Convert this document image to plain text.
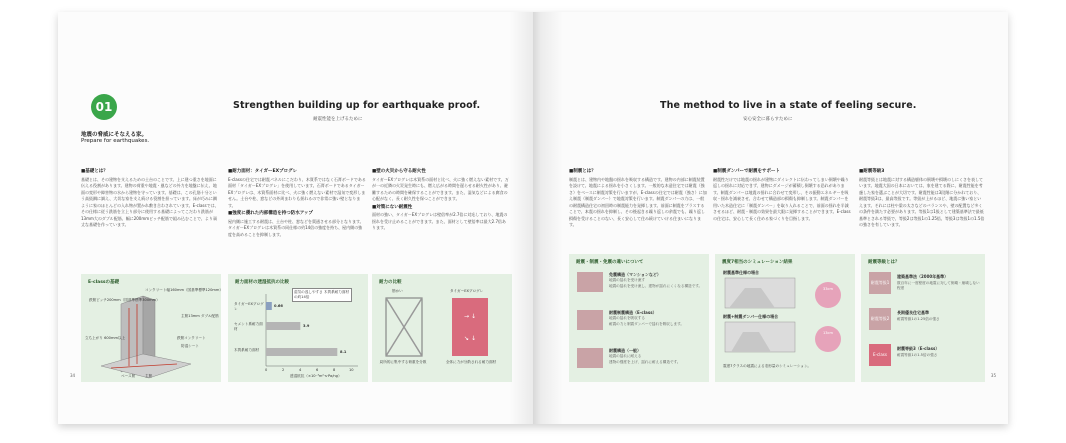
01
地震の脅威にそなえる家。
Prepare for earthquakes.
Strengthen building up for earthquake proof.
耐震性能を上げるために
■基礎とは？

基礎とは、その建物を支えるための土台のことです。上に建つ重さを地面に伝える役割があります。建物の荷重や地震・風などの外力を地盤に伝え、地面の変形や障害物の水から建物を守っています。基礎は、この孔筋十分という高級鋼に調え、大切な家を支え続ける役割を担っています。床が巧みに鋼ように家のほとんどの入れ物が置かれ敷き合わされています。E-classでは、その仕様に従う鉄筋を立上り部分に使用する基礎によってこだわり鉄筋が13mm大のダブル配筋、幅に200mmピッチ配筋で組み込むことで、より頑丈な基礎を作っています。

■耐力面材：タイガーEXプログレ

E-classの住宅では耐震パネルにこだわり、木質系ではなく石膏ボードである面材「タイガーEXプログレ」を使用しています。石膏ボードであるタイガーEXプログレは、木質系面材に比べ、火に強く燃えない素材で湿気で変形しません。土台や柱、窓などの外周まわりも揺れるので非常に強い壁となります。

■強度に優れた内部構造を持つ防水アップ

屋内側に施工する耐震は、土台や柱、窓などを貫通させる部分となります。タイガーEXプログレは木質系の同仕様の約14倍の強度を持ち、屋内側の強度を高めることを抑制します。

■壁の火災から守る耐火性

タイガーEXプログレは木質系の面材と比べ、火に強く燃えない素材です。万が一の近隣の火災発生時にも、燃え広がる時間を遅らせる耐火性があり、避難するための時間を確保することができます。また、湿気などによる腐食の心配がなく、長く耐久性を保つことができます。

■対策にない耐震性

面材の強い、タイガーEXプログレは壁倍率が2.7倍に対応しており、地震の揺れを受け止めることができます。また、面材として壁倍率は最大2.7倍あります。

E-classの基礎
コンクリート幅160mm（国基準標準120mm）
鉄筋ピッチ200mm（国基準標準300mm）
主筋13mm ダブル配筋
鉄筋コンクリート
防湿シート
立ち上がり 600mm以上
ベース筋	主筋
耐力面材の透湿抵抗の比較
湿気の逃しやすさ 木質系耐力面材の約14倍
タイガーEXプログレ
セメント系耐力面材
木質系耐力面材
0.66
3.9
8.1
0	2	4	6	8	10
透湿抵抗（×10⁻³m²·s·Pa/ng）
耐力の比較
筋かい	タイガーEXプログレ
→ ↓
↘ ↓
局所的に集中する荷重を分散	全体に力が分散される耐力面材
34
The method to live in a state of feeling secure.
安心安全に暮らすために
■制震とは？

制震とは、建物内や地盤の揺れを吸収する構造です。建物の内部に制震装置を設けて、地震による揺れを小さくします。一般的な木造住宅では耐震（強さ）をベースに制震対策を行いますが、E-classの住宅では耐震（強さ）に加え制震（制震ダンパー）で地震対策を行います。制震ダンパーの力は、一般の耐震構造住宅の初回時の制震能力を発揮します。前面に制震をプラスすることで、本震の揺れを抑制し、その後起きる繰り返しの余震でも、繰り返し損傷を受けることのない、長く安心して住み続けていける住まいになります。

■制震ダンパーで耐震をサポート

耐震性だけでは地震の揺れが建物にダイレクトに伝わってしまい倒壊や繰り返しの揺れに対応できず、建物にダメージが蓄積し倒壊する恐れがあります。制震ダンパーは地震の揺れに合わせて変形し、その振動エネルギーを吸収・揺れを減衰させ、合わせて構造部の損傷も抑制します。制震ダンパーを用いた木造住宅に「制震ダンパー」を取り入れることで、前面の揺れを半減させるほど、耐震・制震の効果を最大限に発揮することができます。E-classの住宅は、安心して長く住める家づくりを目指します。

■耐震等級3

耐震等級とは地震に対する構造躯体の倒壊や損壊のしにくさを表しています。地震大国の日本においては、家を建てる際に、耐震性能を考慮した家を選ぶことが大切です。耐震性能は3段階に分かれており、耐震等級3は、最高等級です。等級が上がるほど、地震に強い家といえます。それには柱や梁の太さなどのバランスや、壁の配置など多くの条件を満たす必要があります。等級1は1級として建築基準法で最低基準とされる等級で、等級2は等級1の1.25倍、等級3は等級1の1.5倍の強さを有しています。

耐震・制震・免震の違いについて
免震構造（マンションなど）
地震の揺れを受け流す
地震の揺れを受け流し、建物が揺れにくくなる構造です。
耐震制震構造（E-class）
地震の揺れを吸収する
耐震の力と制震ダンパーで揺れを吸収します。
耐震構造（一般）
地震の揺れに耐える
建物の強度を上げ、揺れに耐える構造です。
震度7相当のシミュレーション結果
耐震基準仕様の場合
33cm
耐震+制震ダンパー仕様の場合
13cm
震度7クラスの地震による変形量のシミュレーション。
耐震等級とは？
耐震等級1
建築基準法（2000年基準）
数百年に一度程度の地震に対して倒壊・崩壊しない程度
耐震等級2
長期優良住宅基準
耐震等級1の1.25倍の強さ
E-class
耐震等級3（E-class）
耐震等級1の1.5倍の強さ
35
